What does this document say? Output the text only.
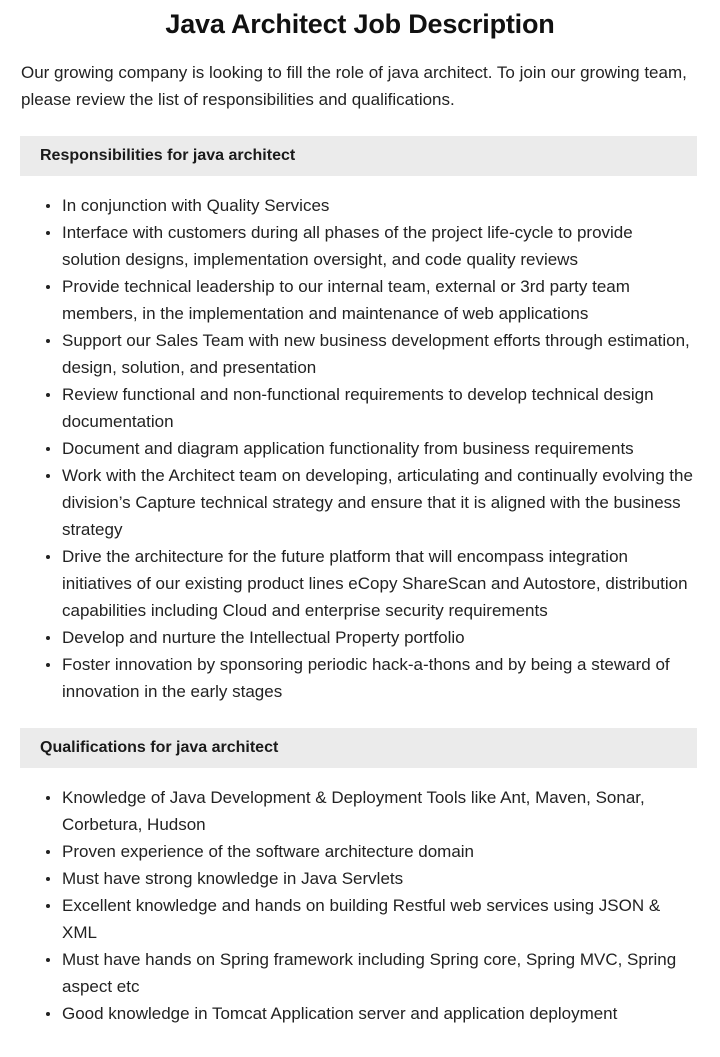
Java Architect Job Description

Our growing company is looking to fill the role of java architect. To join our growing team, please review the list of responsibilities and qualifications.

Responsibilities for java architect
In conjunction with Quality Services
Interface with customers during all phases of the project life-cycle to provide solution designs, implementation oversight, and code quality reviews
Provide technical leadership to our internal team, external or 3rd party team members, in the implementation and maintenance of web applications
Support our Sales Team with new business development efforts through estimation, design, solution, and presentation
Review functional and non-functional requirements to develop technical design documentation
Document and diagram application functionality from business requirements
Work with the Architect team on developing, articulating and continually evolving the division’s Capture technical strategy and ensure that it is aligned with the business strategy
Drive the architecture for the future platform that will encompass integration initiatives of our existing product lines eCopy ShareScan and Autostore, distribution capabilities including Cloud and enterprise security requirements
Develop and nurture the Intellectual Property portfolio
Foster innovation by sponsoring periodic hack-a-thons and by being a steward of innovation in the early stages
Qualifications for java architect
Knowledge of Java Development & Deployment Tools like Ant, Maven, Sonar, Corbetura, Hudson
Proven experience of the software architecture domain
Must have strong knowledge in Java Servlets
Excellent knowledge and hands on building Restful web services using JSON & XML
Must have hands on Spring framework including Spring core, Spring MVC, Spring aspect etc
Good knowledge in Tomcat Application server and application deployment
